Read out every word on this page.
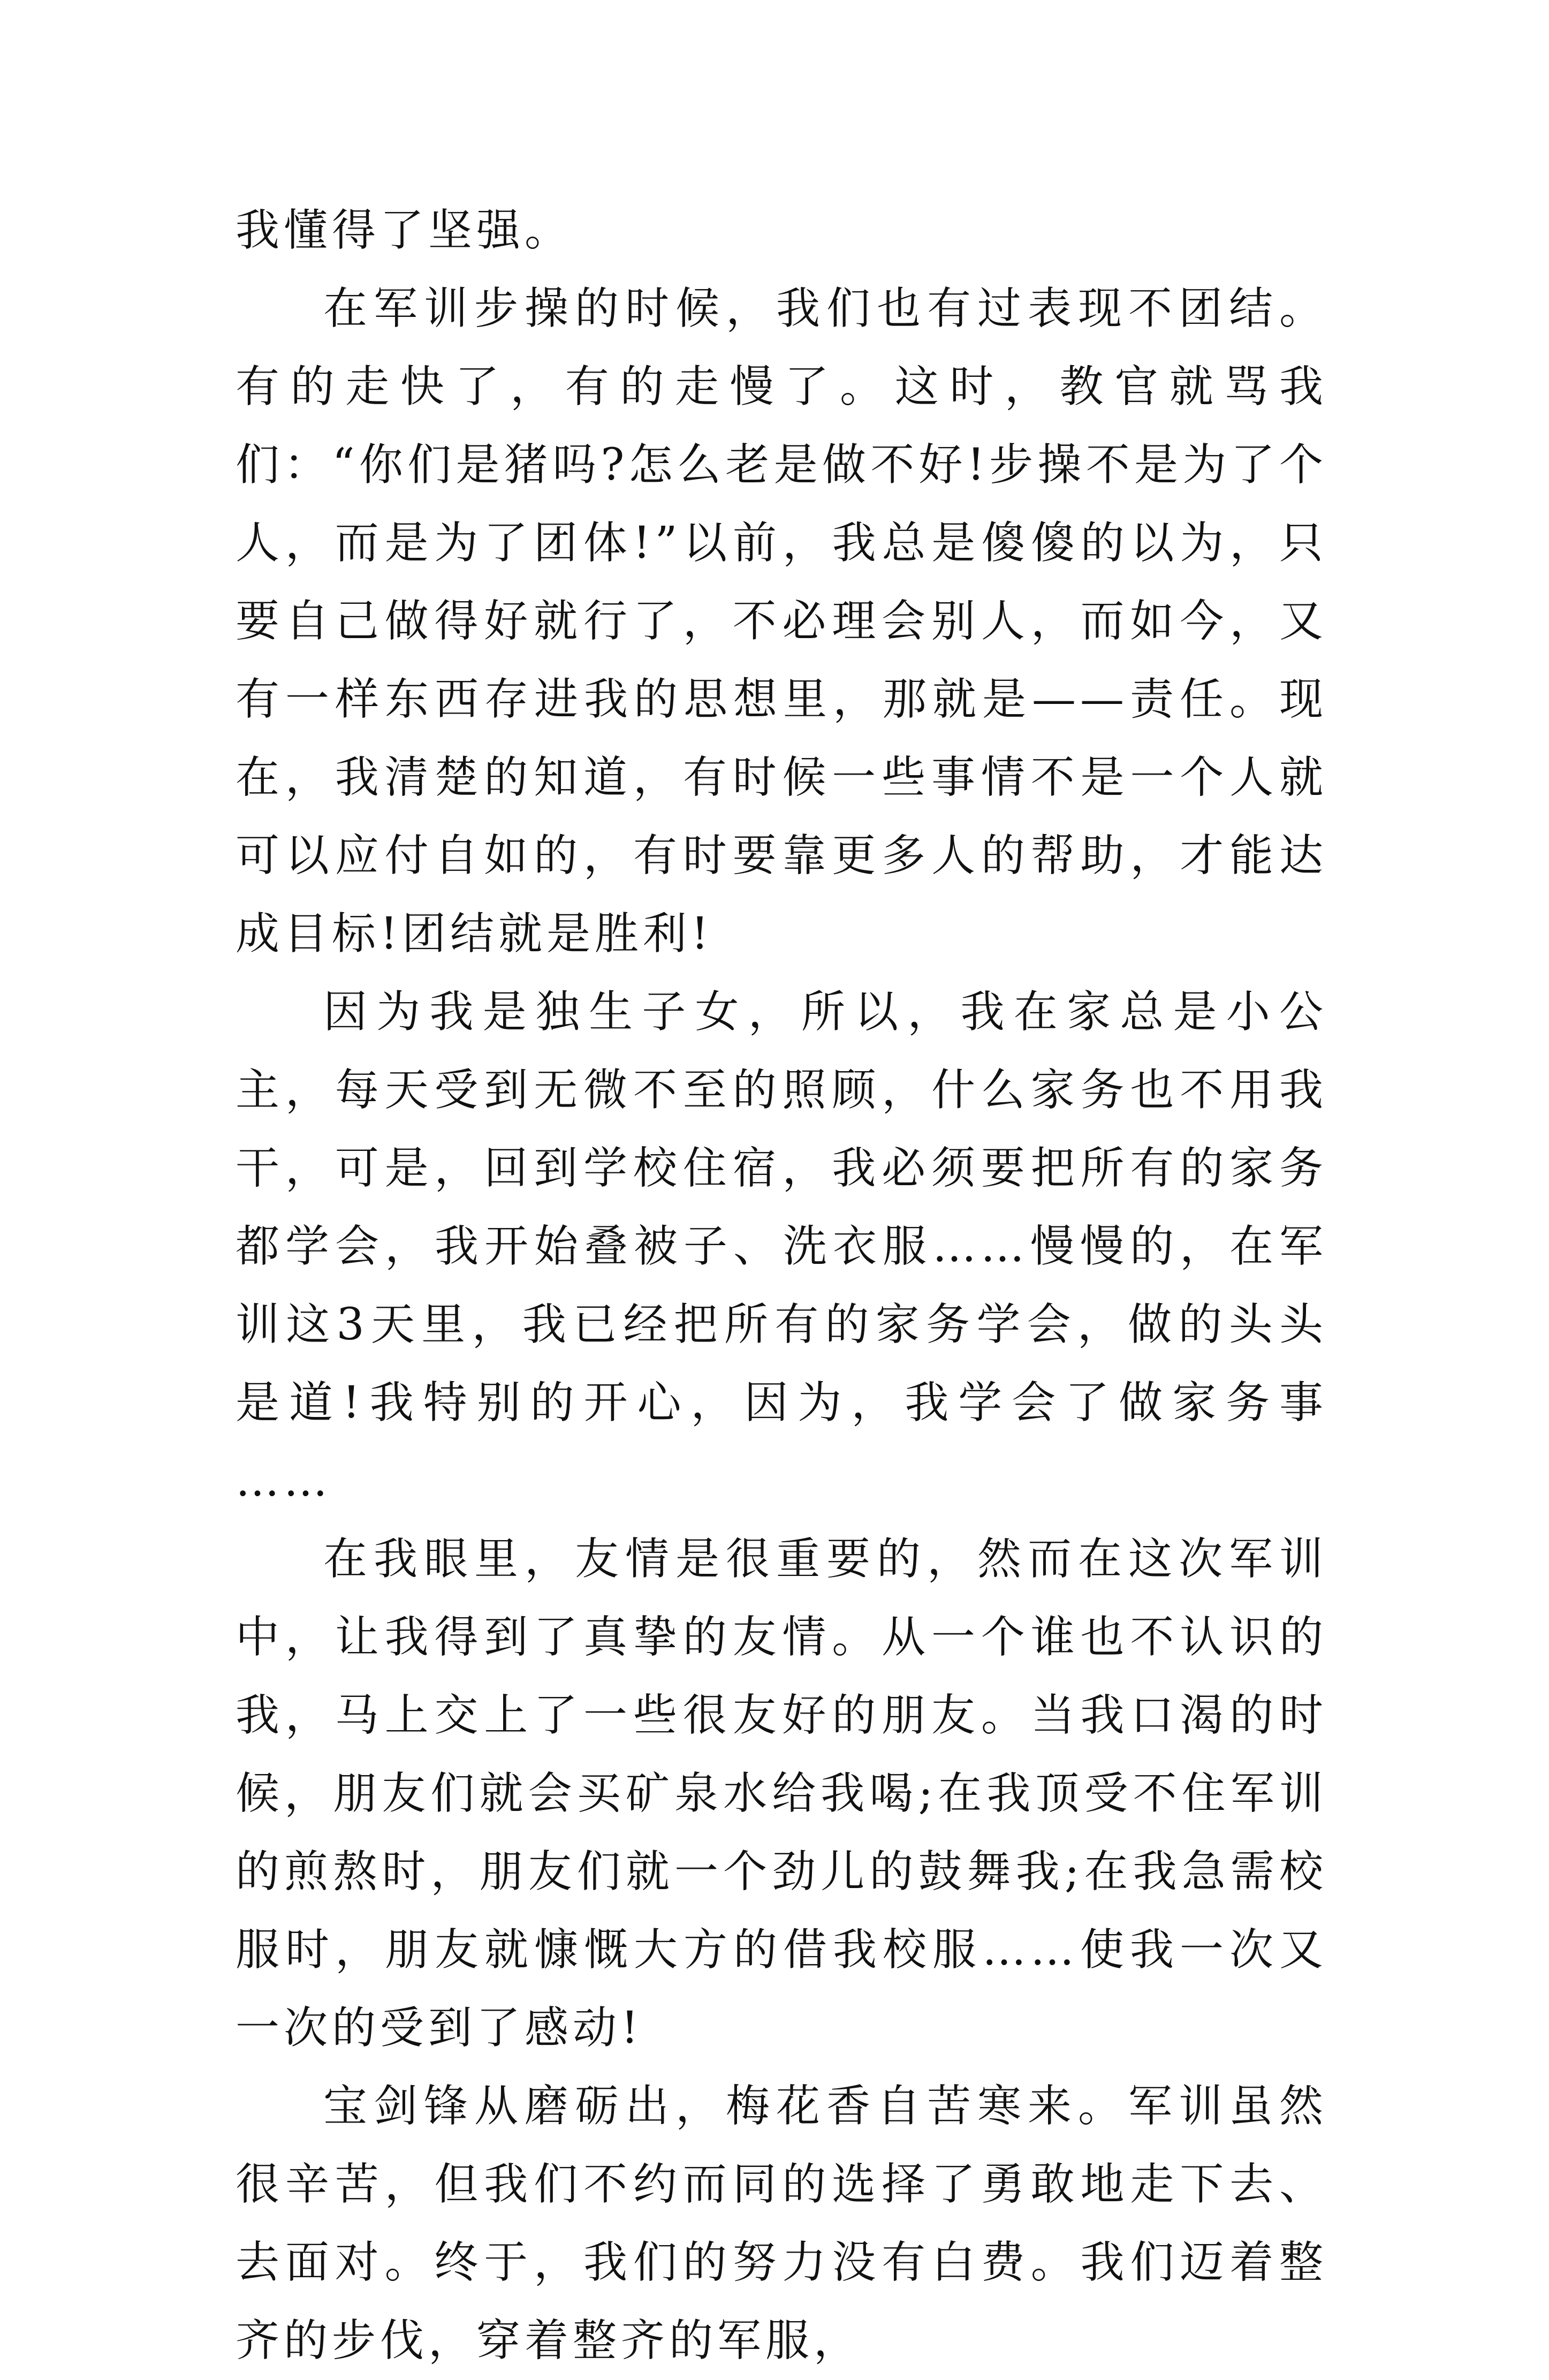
我懂得了坚强。

在军训步操的时候，我们也有过表现不团结。有的走快了，有的走慢了。这时，教官就骂我们：“你们是猪吗?怎么老是做不好!步操不是为了个人，而是为了团体!”以前，我总是傻傻的以为，只要自己做得好就行了，不必理会别人，而如今，又有一样东西存进我的思想里，那就是——责任。现在，我清楚的知道，有时候一些事情不是一个人就可以应付自如的，有时要靠更多人的帮助，才能达成目标!团结就是胜利!

因为我是独生子女，所以，我在家总是小公主，每天受到无微不至的照顾，什么家务也不用我干，可是，回到学校住宿，我必须要把所有的家务都学会，我开始叠被子、洗衣服……慢慢的，在军训这3天里，我已经把所有的家务学会，做的头头是道!我特别的开心，因为，我学会了做家务事 ……

在我眼里，友情是很重要的，然而在这次军训中，让我得到了真挚的友情。从一个谁也不认识的我，马上交上了一些很友好的朋友。当我口渴的时候，朋友们就会买矿泉水给我喝;在我顶受不住军训的煎熬时，朋友们就一个劲儿的鼓舞我;在我急需校服时，朋友就慷慨大方的借我校服……使我一次又一次的受到了感动!

宝剑锋从磨砺出，梅花香自苦寒来。军训虽然很辛苦，但我们不约而同的选择了勇敢地走下去、去面对。终于，我们的努力没有白费。我们迈着整齐的步伐，穿着整齐的军服，
